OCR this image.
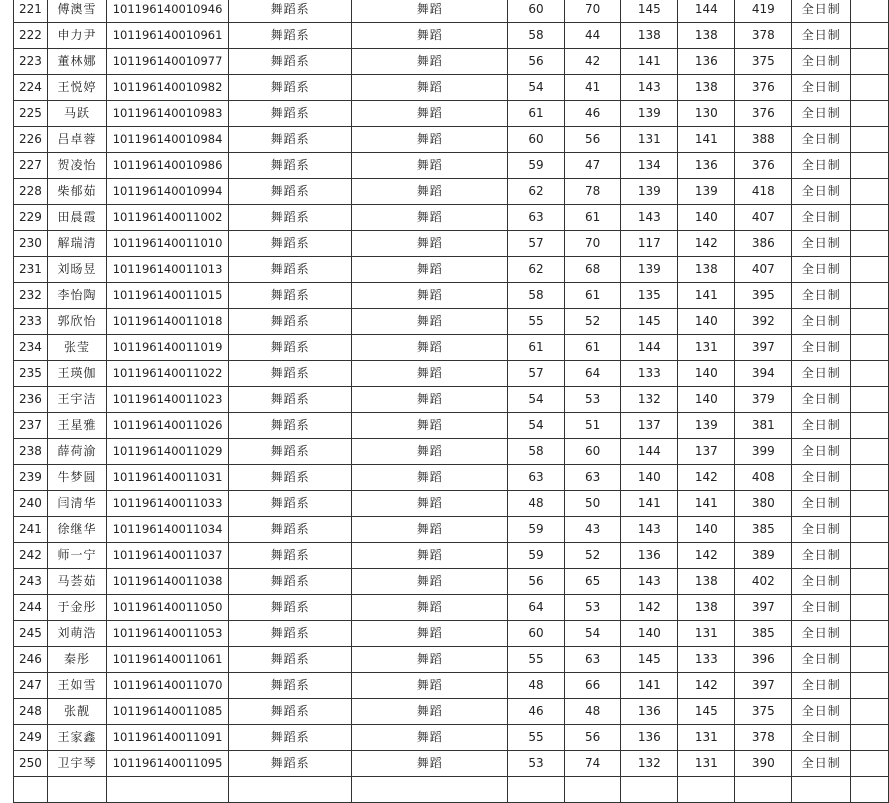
	221	傅澳雪	101196140010946	舞蹈系	舞蹈	60	70	145	144	419	全日制	
	222	申力尹	101196140010961	舞蹈系	舞蹈	58	44	138	138	378	全日制	
	223	董林娜	101196140010977	舞蹈系	舞蹈	56	42	141	136	375	全日制	
	224	王悦婷	101196140010982	舞蹈系	舞蹈	54	41	143	138	376	全日制	
	225	马跃	101196140010983	舞蹈系	舞蹈	61	46	139	130	376	全日制	
	226	吕卓蓉	101196140010984	舞蹈系	舞蹈	60	56	131	141	388	全日制	
	227	贺凌怡	101196140010986	舞蹈系	舞蹈	59	47	134	136	376	全日制	
	228	柴郁茹	101196140010994	舞蹈系	舞蹈	62	78	139	139	418	全日制	
	229	田晨霞	101196140011002	舞蹈系	舞蹈	63	61	143	140	407	全日制	
	230	解瑞清	101196140011010	舞蹈系	舞蹈	57	70	117	142	386	全日制	
	231	刘旸昱	101196140011013	舞蹈系	舞蹈	62	68	139	138	407	全日制	
	232	李怡陶	101196140011015	舞蹈系	舞蹈	58	61	135	141	395	全日制	
	233	郭欣怡	101196140011018	舞蹈系	舞蹈	55	52	145	140	392	全日制	
	234	张莹	101196140011019	舞蹈系	舞蹈	61	61	144	131	397	全日制	
	235	王瑛伽	101196140011022	舞蹈系	舞蹈	57	64	133	140	394	全日制	
	236	王宇洁	101196140011023	舞蹈系	舞蹈	54	53	132	140	379	全日制	
	237	王星雅	101196140011026	舞蹈系	舞蹈	54	51	137	139	381	全日制	
	238	薛荷渝	101196140011029	舞蹈系	舞蹈	58	60	144	137	399	全日制	
	239	牛梦圆	101196140011031	舞蹈系	舞蹈	63	63	140	142	408	全日制	
	240	闫清华	101196140011033	舞蹈系	舞蹈	48	50	141	141	380	全日制	
	241	徐继华	101196140011034	舞蹈系	舞蹈	59	43	143	140	385	全日制	
	242	师一宁	101196140011037	舞蹈系	舞蹈	59	52	136	142	389	全日制	
	243	马荟茹	101196140011038	舞蹈系	舞蹈	56	65	143	138	402	全日制	
	244	于金彤	101196140011050	舞蹈系	舞蹈	64	53	142	138	397	全日制	
	245	刘萌浩	101196140011053	舞蹈系	舞蹈	60	54	140	131	385	全日制	
	246	秦彤	101196140011061	舞蹈系	舞蹈	55	63	145	133	396	全日制	
	247	王如雪	101196140011070	舞蹈系	舞蹈	48	66	141	142	397	全日制	
	248	张靓	101196140011085	舞蹈系	舞蹈	46	48	136	145	375	全日制	
	249	王家鑫	101196140011091	舞蹈系	舞蹈	55	56	136	131	378	全日制	
	250	卫宇琴	101196140011095	舞蹈系	舞蹈	53	74	132	131	390	全日制	
